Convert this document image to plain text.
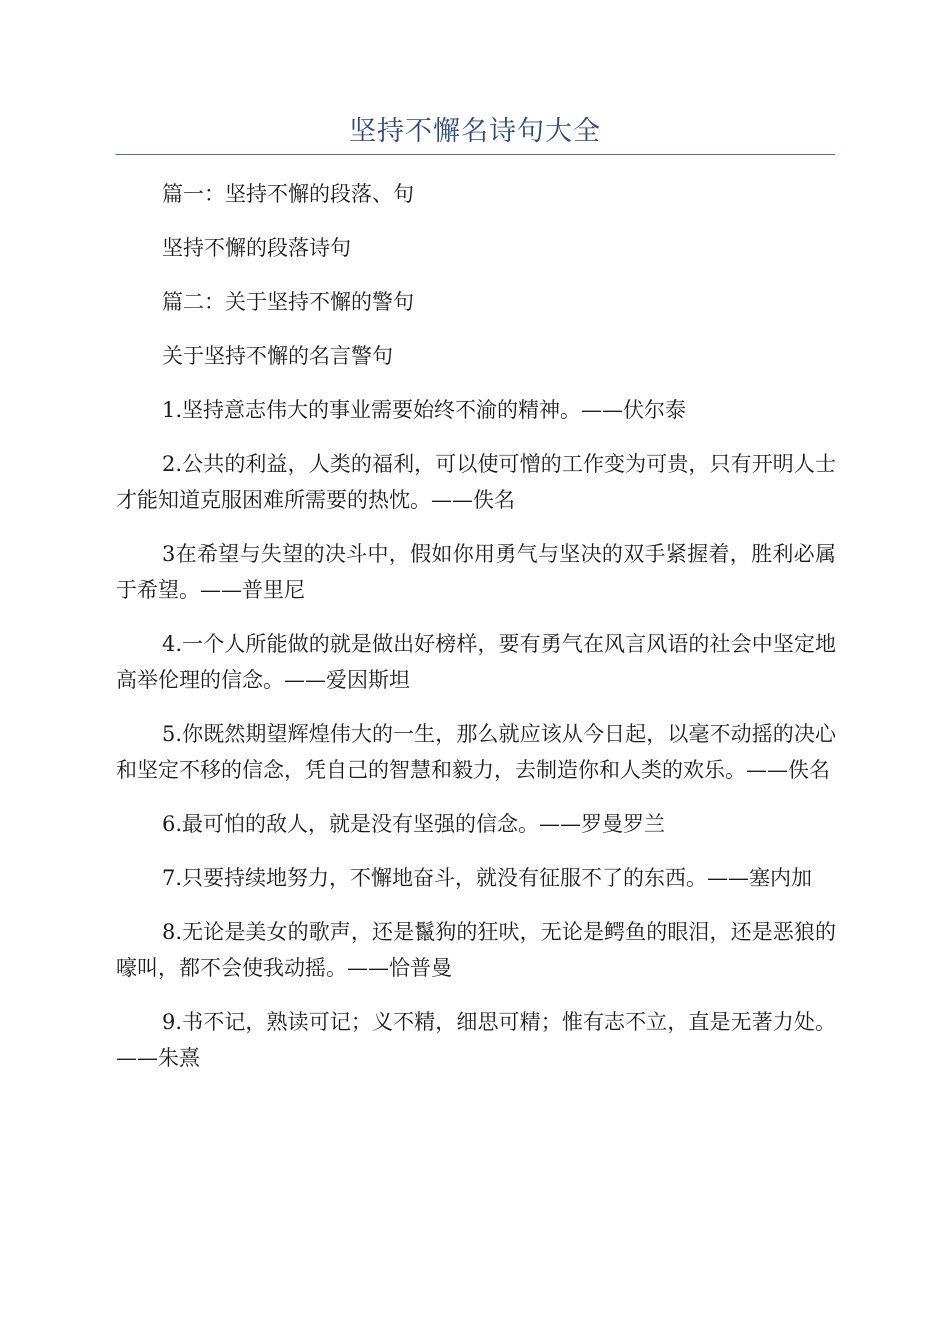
坚持不懈名诗句大全

篇一：坚持不懈的段落、句

坚持不懈的段落诗句

篇二：关于坚持不懈的警句

关于坚持不懈的名言警句

1.坚持意志伟大的事业需要始终不渝的精神。——伏尔泰

2.公共的利益，人类的福利，可以使可憎的工作变为可贵，只有开明人士才能知道克服困难所需要的热忱。——佚名

3在希望与失望的决斗中，假如你用勇气与坚决的双手紧握着，胜利必属于希望。——普里尼

4.一个人所能做的就是做出好榜样，要有勇气在风言风语的社会中坚定地高举伦理的信念。——爱因斯坦

5.你既然期望辉煌伟大的一生，那么就应该从今日起，以毫不动摇的决心和坚定不移的信念，凭自己的智慧和毅力，去制造你和人类的欢乐。——佚名

6.最可怕的敌人，就是没有坚强的信念。——罗曼罗兰

7.只要持续地努力，不懈地奋斗，就没有征服不了的东西。——塞内加

8.无论是美女的歌声，还是鬣狗的狂吠，无论是鳄鱼的眼泪，还是恶狼的嚎叫，都不会使我动摇。——恰普曼

9.书不记，熟读可记；义不精，细思可精；惟有志不立，直是无著力处。——朱熹
